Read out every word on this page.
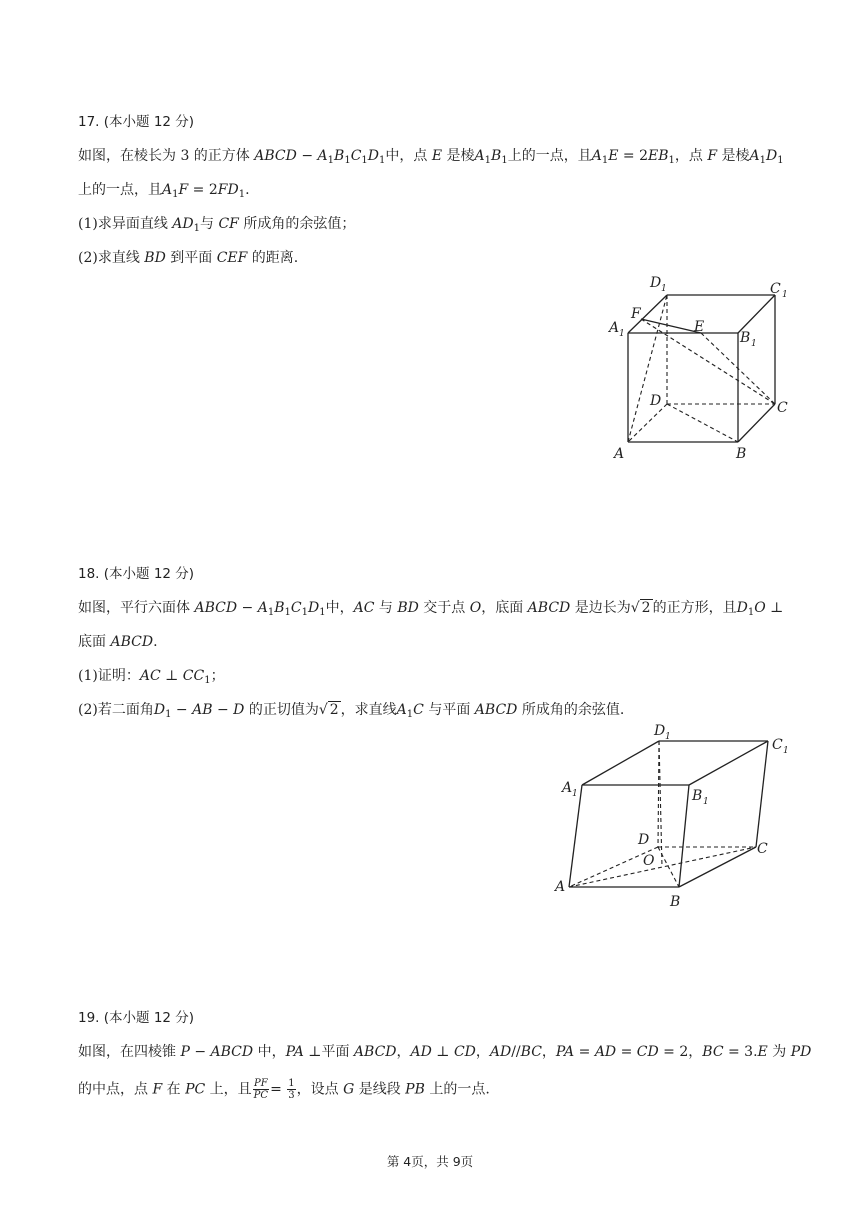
17. (本小题 12 分)
如图，在棱长为 3 的正方体 ABCD − $A_1B_1C_1D_1$中，点 E 是棱$A_1B_1$上的一点，且$A_1E = 2EB_1$，点 F 是棱$A_1D_1$
上的一点，且$A_1F = 2FD_1$.
(1)求异面直线 $AD_1$与 CF 所成角的余弦值；
(2)求直线 BD 到平面 CEF 的距离.
D 1	C 1
F
E
A 1	B 1
D	C
A	B
18. (本小题 12 分)
如图，平行六面体 ABCD − $A_1B_1C_1D_1$中，AC 与 BD 交于点 O，底面 ABCD 是边长为√ 2 的正方形，且$D_1O$ ⊥
底面 ABCD.
(1)证明：AC ⊥ $CC_1$；
(2)若二面角$D_1$ − AB − D 的正切值为√ 2 ，求直线$A_1C$ 与平面 ABCD 所成角的余弦值.
D 1	C 1
A 1	B 1
D
O
C
A
B
19. (本小题 12 分)
如图，在四棱锥 P − ABCD 中，PA ⊥平面 ABCD，AD ⊥ CD，AD//BC，PA = AD = CD = 2，BC = 3.E 为 PD
的中点，点 F 在 PC 上，且 $\frac{PF}{PC} = \frac{1}{3}$ ，设点 G 是线段 PB 上的一点.
第 4页，共 9页
